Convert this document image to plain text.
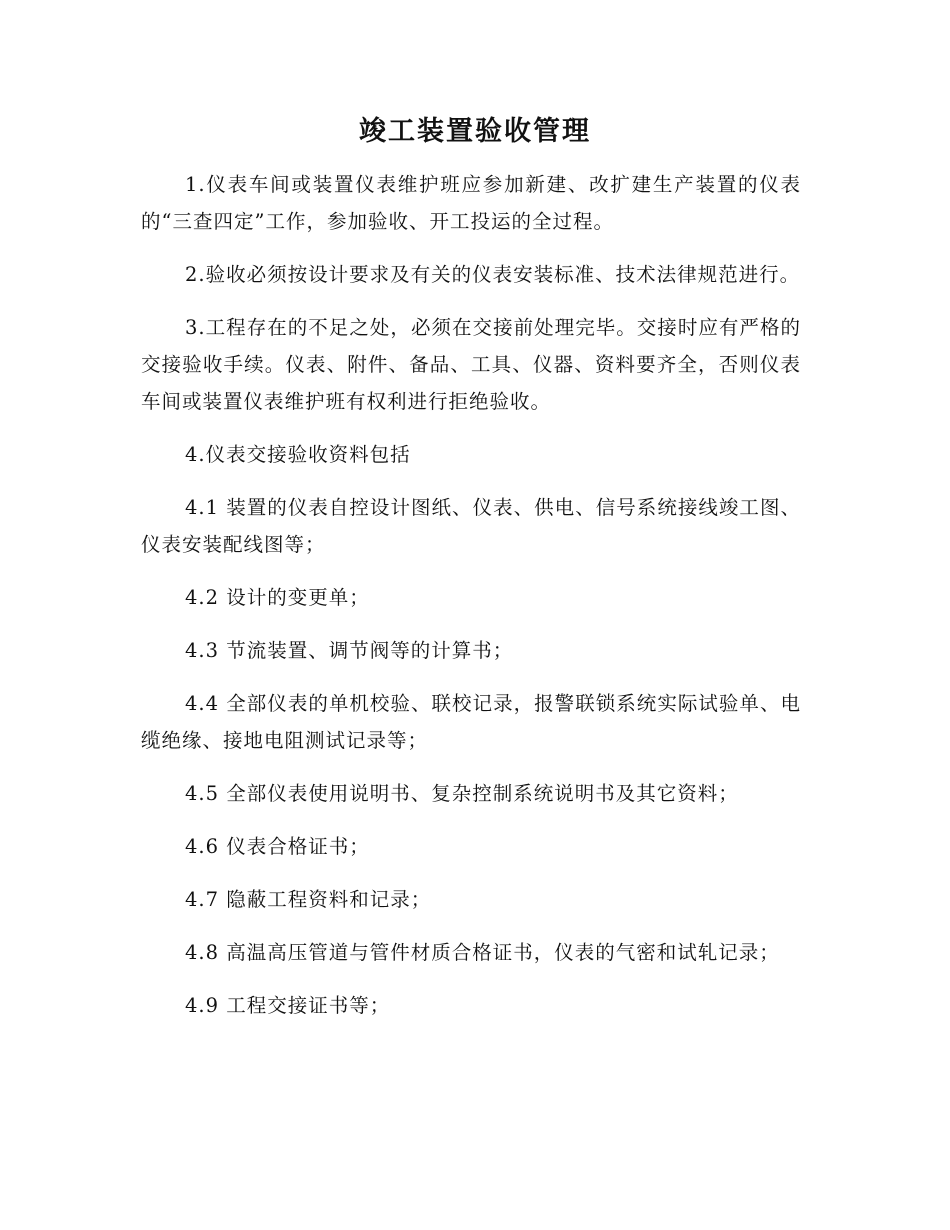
竣工装置验收管理

1.仪表车间或装置仪表维护班应参加新建、改扩建生产装置的仪表的“三查四定”工作，参加验收、开工投运的全过程。

2.验收必须按设计要求及有关的仪表安装标准、技术法律规范进行。

3.工程存在的不足之处，必须在交接前处理完毕。交接时应有严格的交接验收手续。仪表、附件、备品、工具、仪器、资料要齐全，否则仪表车间或装置仪表维护班有权利进行拒绝验收。

4.仪表交接验收资料包括

4.1 装置的仪表自控设计图纸、仪表、供电、信号系统接线竣工图、仪表安装配线图等；

4.2 设计的变更单；

4.3 节流装置、调节阀等的计算书；

4.4 全部仪表的单机校验、联校记录，报警联锁系统实际试验单、电缆绝缘、接地电阻测试记录等；

4.5 全部仪表使用说明书、复杂控制系统说明书及其它资料；

4.6 仪表合格证书；

4.7 隐蔽工程资料和记录；

4.8 高温高压管道与管件材质合格证书，仪表的气密和试轧记录；

4.9 工程交接证书等；
